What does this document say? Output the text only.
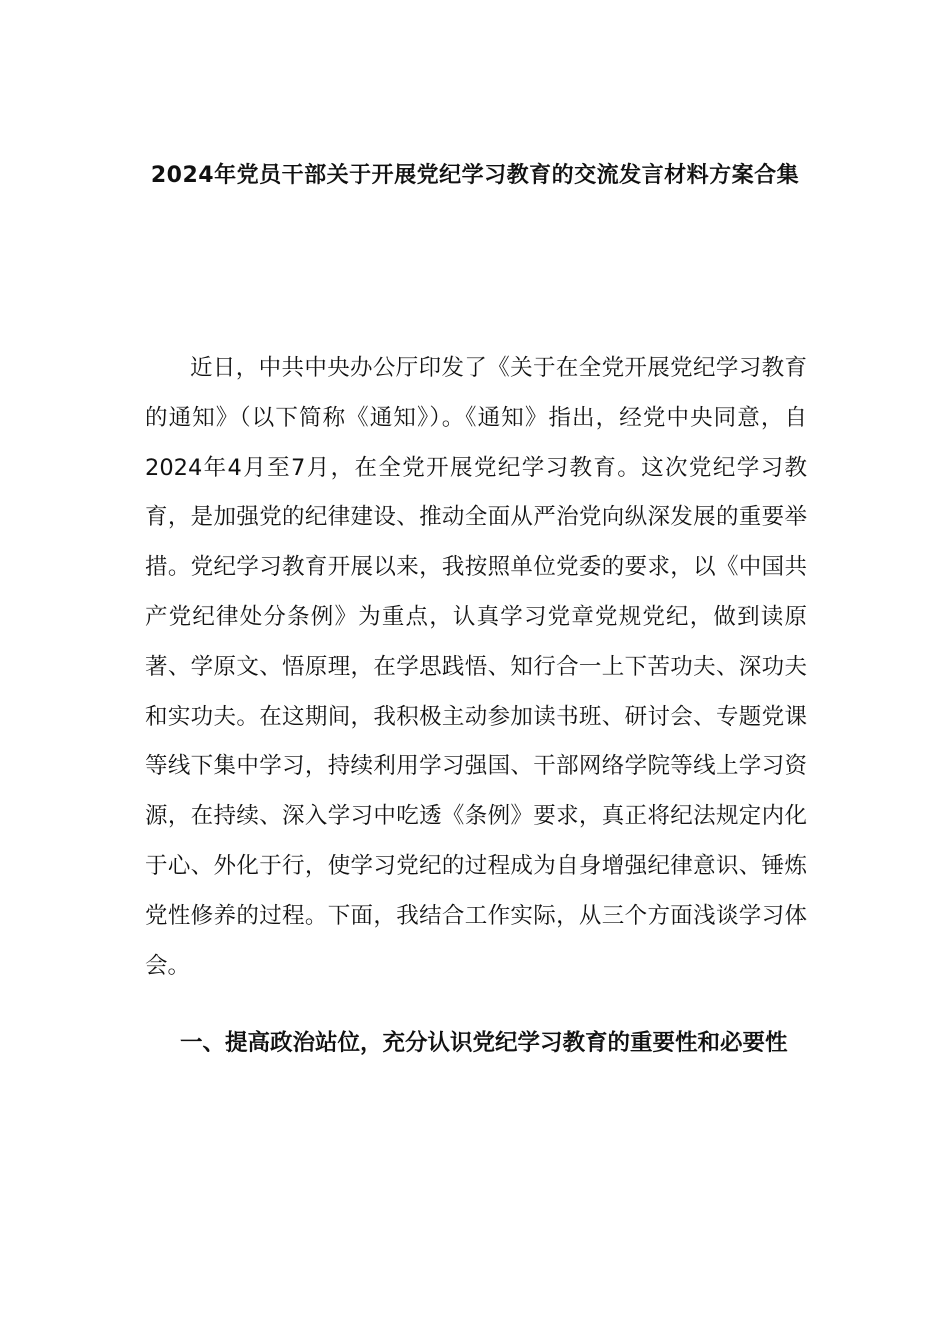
2024年党员干部关于开展党纪学习教育的交流发言材料方案合集

近日，中共中央办公厅印发了《关于在全党开展党纪学习教育的通知》（以下简称《通知》）。《通知》指出，经党中央同意，自2024年4月至7月，在全党开展党纪学习教育。这次党纪学习教育，是加强党的纪律建设、推动全面从严治党向纵深发展的重要举措。党纪学习教育开展以来，我按照单位党委的要求，以《中国共产党纪律处分条例》为重点，认真学习党章党规党纪，做到读原著、学原文、悟原理，在学思践悟、知行合一上下苦功夫、深功夫和实功夫。在这期间，我积极主动参加读书班、研讨会、专题党课等线下集中学习，持续利用学习强国、干部网络学院等线上学习资源，在持续、深入学习中吃透《条例》要求，真正将纪法规定内化于心、外化于行，使学习党纪的过程成为自身增强纪律意识、锤炼党性修养的过程。下面，我结合工作实际，从三个方面浅谈学习体会。

一、提高政治站位，充分认识党纪学习教育的重要性和必要性
